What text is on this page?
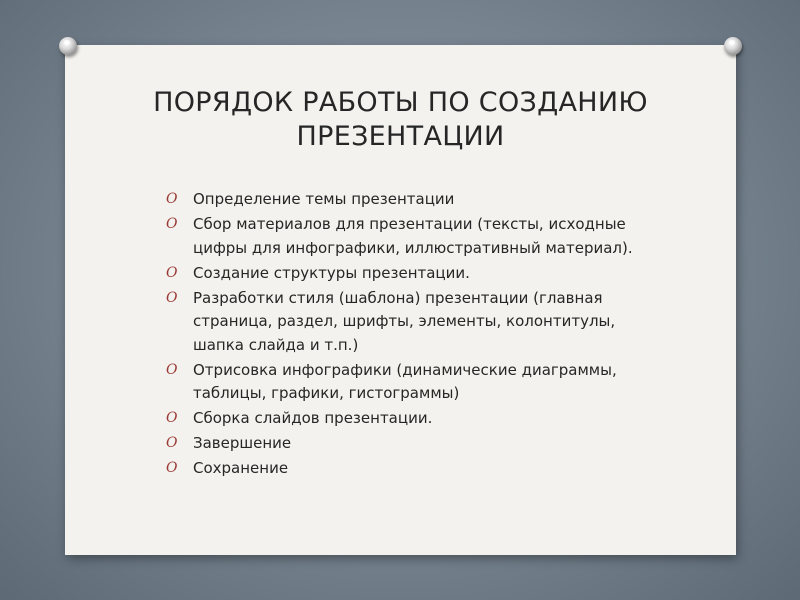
ПОРЯДОК РАБОТЫ ПО СОЗДАНИЮ
ПРЕЗЕНТАЦИИ
O Определение темы презентации
O Сбор материалов для презентации (тексты, исходные цифры для инфографики, иллюстративный материал).
O Создание структуры презентации.
O Разработки стиля (шаблона) презентации (главная страница, раздел, шрифты, элементы, колонтитулы, шапка слайда и т.п.)
O Отрисовка инфографики (динамические диаграммы, таблицы, графики, гистограммы)
O Сборка слайдов презентации.
O Завершение
O Сохранение
